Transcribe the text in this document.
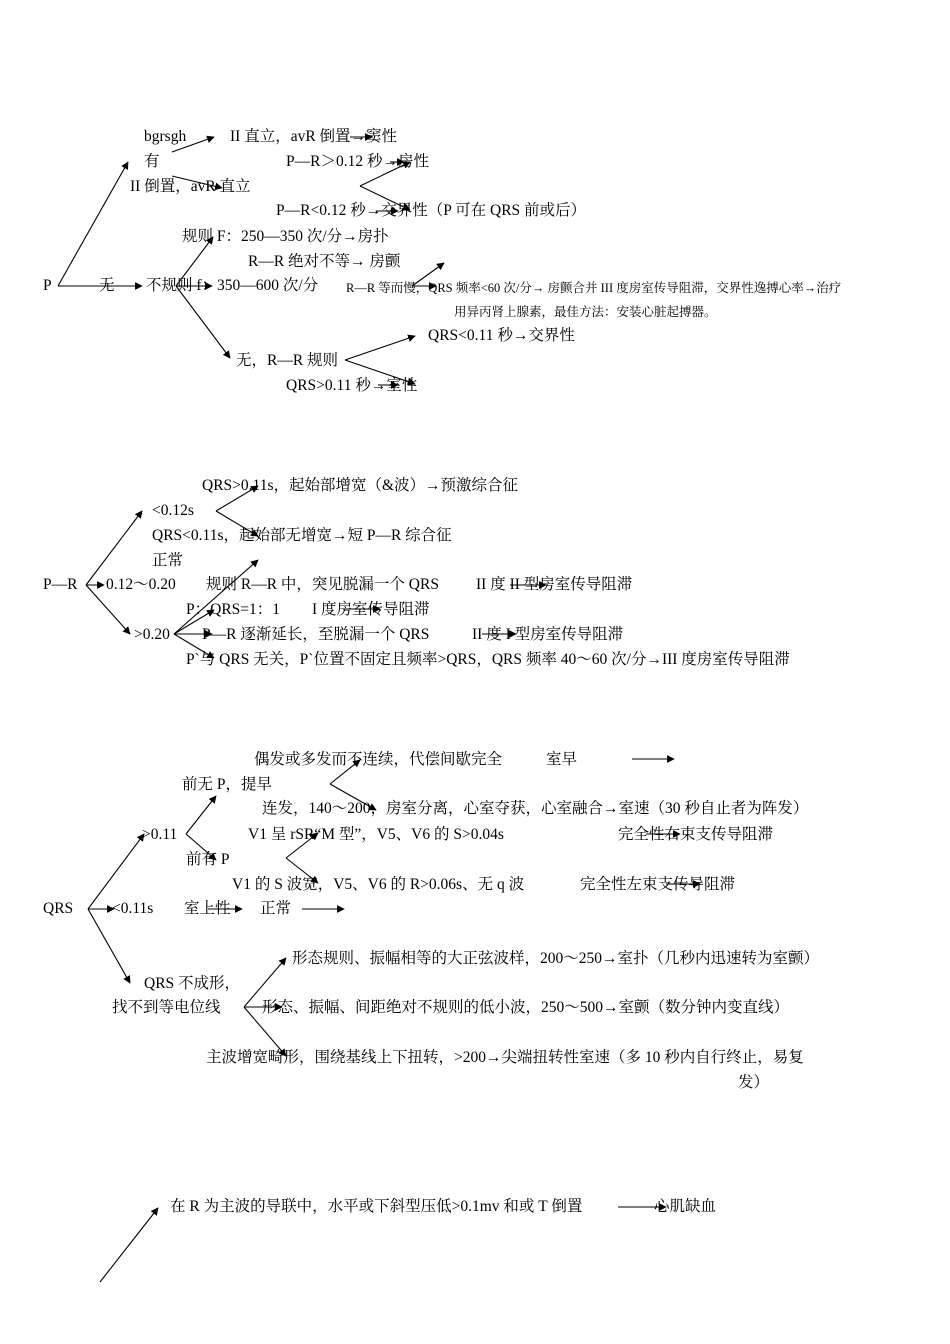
P
bgrsgh
有
II 直立，avR 倒置→窦性
II 倒置，avR 直立
P—R＞0.12 秒→房性
P—R<0.12 秒→交界性（P 可在 QRS 前或后）
无
规则 F：250—350 次/分→房扑
R—R 绝对不等→ 房颤
不规则 f：350—600 次/分 R—R 等而慢，QRS 频率<60 次/分→ 房颤合并 III 度房室传导阻滞，交界性逸搏心率→治疗
用异丙肾上腺素，最佳方法：安装心脏起搏器。
无，R—R 规则
QRS<0.11 秒→交界性
QRS>0.11 秒→室性
P—R
<0.12s
QRS>0.11s，起始部增宽（&波）→预激综合征
QRS<0.11s，起始部无增宽→短 P—R 综合征
正常
0.12～0.20 规则 R—R 中，突见脱漏一个 QRS II 度 II 型房室传导阻滞
P：QRS=1：1 I 度房室传导阻滞
>0.20 P—R 逐渐延长，至脱漏一个 QRS	II 度 I 型房室传导阻滞
P`与 QRS 无关，P`位置不固定且频率>QRS，QRS 频率 40～60 次/分→III 度房室传导阻滞
QRS
偶发或多发而不连续，代偿间歇完全	室早
前无 P，提早
连发，140～200，房室分离，心室夺获，心室融合→室速（30 秒自止者为阵发）
>0.11	V1 呈 rSR“M 型”，V5、V6 的 S>0.04s	完全性右束支传导阻滞
前有 P
V1 的 S 波宽，V5、V6 的 R>0.06s、无 q 波	完全性左束支传导阻滞
<0.11s 室上性 正常
QRS 不成形，
找不到等电位线
形态规则、振幅相等的大正弦波样，200～250→室扑（几秒内迅速转为室颤）
形态、振幅、间距绝对不规则的低小波，250～500→室颤（数分钟内变直线）
主波增宽畸形，围绕基线上下扭转，>200→尖端扭转性室速（多 10 秒内自行终止，易复
发）
在 R 为主波的导联中，水平或下斜型压低>0.1mv 和或 T 倒置	心肌缺血
